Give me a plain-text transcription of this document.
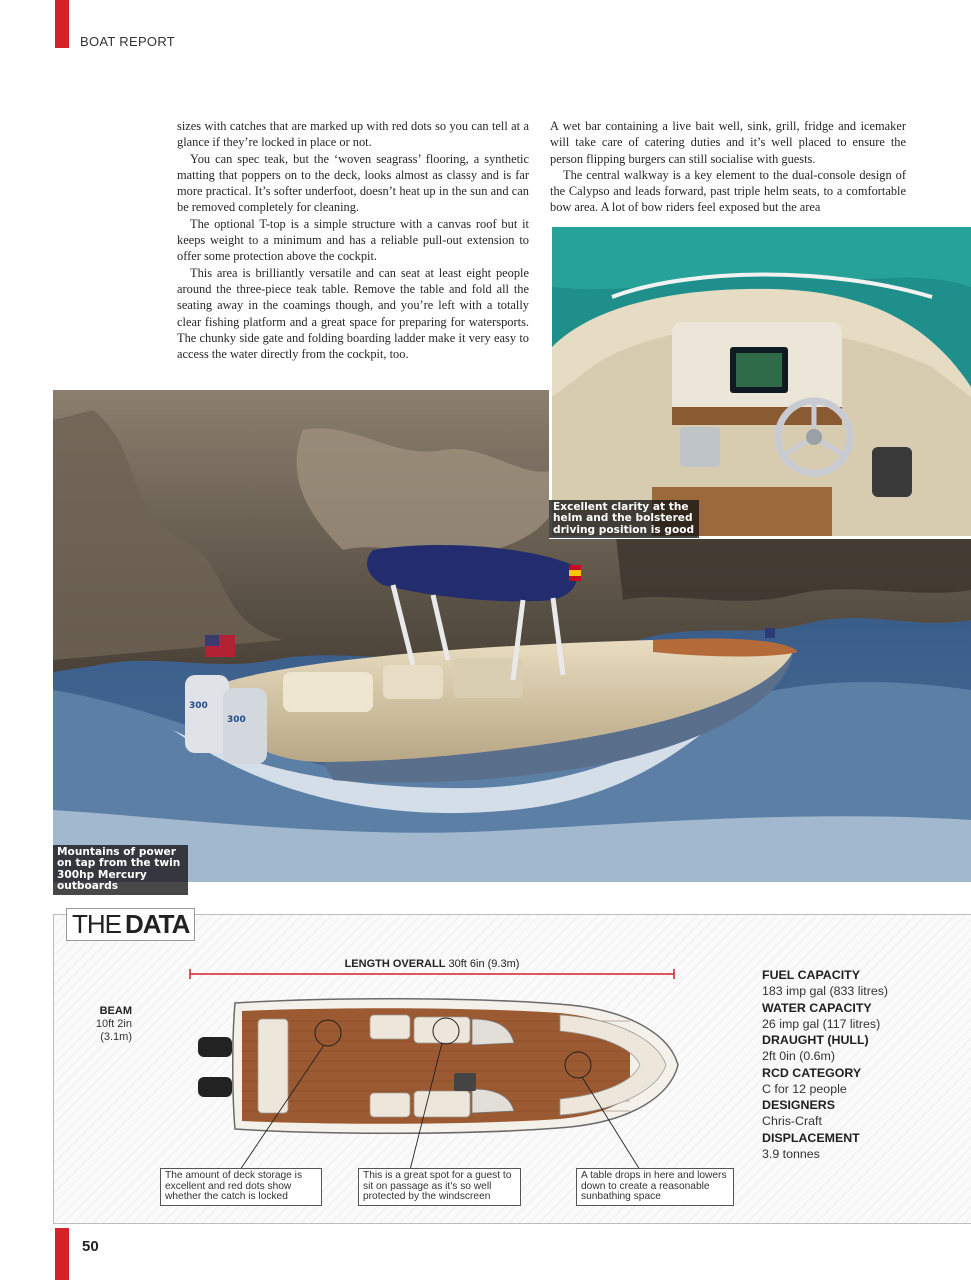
BOAT REPORT

sizes with catches that are marked up with red dots so you can tell at a glance if they’re locked in place or not.

You can spec teak, but the ‘woven seagrass’ flooring, a synthetic matting that poppers on to the deck, looks almost as classy and is far more practical. It’s softer underfoot, doesn’t heat up in the sun and can be removed completely for cleaning.

The optional T-top is a simple structure with a canvas roof but it keeps weight to a minimum and has a reliable pull-out extension to offer some protection above the cockpit.

This area is brilliantly versatile and can seat at least eight people around the three-piece teak table. Remove the table and fold all the seating away in the coamings though, and you’re left with a totally clear fishing platform and a great space for preparing for watersports. The chunky side gate and folding boarding ladder make it very easy to access the water directly from the cockpit, too.

A wet bar containing a live bait well, sink, grill, fridge and icemaker will take care of catering duties and it’s well placed to ensure the person flipping burgers can still socialise with guests.

The central walkway is a key element to the dual-console design of the Calypso and leads forward, past triple helm seats, to a comfortable bow area. A lot of bow riders feel exposed but the area

300
300
Mountains of power on tap from the twin 300hp Mercury outboards
Excellent clarity at the helm and the bolstered driving position is good
THE DATA
LENGTH OVERALL 30ft 6in (9.3m)
BEAM
10ft 2in
(3.1m)
FUEL CAPACITY
183 imp gal (833 litres)
WATER CAPACITY
26 imp gal (117 litres)
DRAUGHT (HULL)
2ft 0in (0.6m)
RCD CATEGORY
C for 12 people
DESIGNERS
Chris-Craft
DISPLACEMENT
3.9 tonnes
The amount of deck storage is excellent and red dots show whether the catch is locked
This is a great spot for a guest to sit on passage as it’s so well protected by the windscreen
A table drops in here and lowers down to create a reasonable sunbathing space
50
